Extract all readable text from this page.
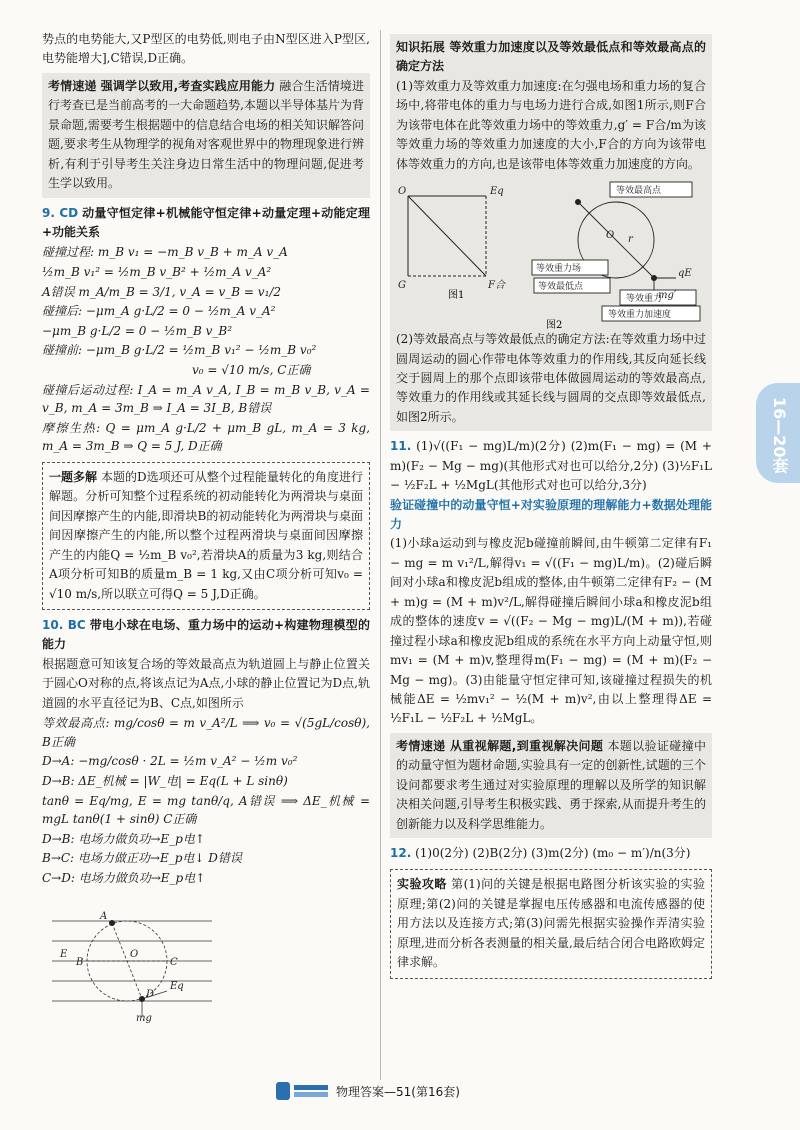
势点的电势能大,又P型区的电势低,则电子由N型区进入P型区,电势能增大],C错误,D正确。

考情速递 强调学以致用,考查实践应用能力 融合生活情境进行考查已是当前高考的一大命题趋势,本题以半导体基片为背景命题,需要考生根据题中的信息结合电场的相关知识解答问题,要求考生从物理学的视角对客观世界中的物理现象进行辨析,有利于引导考生关注身边日常生活中的物理问题,促进考生学以致用。

9. CD 动量守恒定律+机械能守恒定律+动量定理+动能定理+功能关系

碰撞过程: m_B v₁ = −m_B v_B + m_A v_A

½m_B v₁² = ½m_B v_B² + ½m_A v_A²

A错误 m_A/m_B = 3/1, v_A = v_B = v₁/2

碰撞后: −μm_A g·L/2 = 0 − ½m_A v_A²

−μm_B g·L/2 = 0 − ½m_B v_B²

碰撞前: −μm_B g·L/2 = ½m_B v₁² − ½m_B v₀²

v₀ = √10 m/s, C正确

碰撞后运动过程: I_A = m_A v_A, I_B = m_B v_B, v_A = v_B, m_A = 3m_B ⇒ I_A = 3I_B, B错误

摩擦生热: Q = μm_A g·L/2 + μm_B gL, m_A = 3 kg, m_A = 3m_B ⇒ Q = 5 J, D正确

一题多解 本题的D选项还可从整个过程能量转化的角度进行解题。分析可知整个过程系统的初动能转化为两滑块与桌面间因摩擦产生的内能,即滑块B的初动能转化为两滑块与桌面间因摩擦产生的内能,所以整个过程两滑块与桌面间因摩擦产生的内能Q = ½m_B v₀²,若滑块A的质量为3 kg,则结合A项分析可知B的质量m_B = 1 kg,又由C项分析可知v₀ = √10 m/s,所以联立可得Q = 5 J,D正确。

10. BC 带电小球在电场、重力场中的运动+构建物理模型的能力

根据题意可知该复合场的等效最高点为轨道圆上与静止位置关于圆心O对称的点,将该点记为A点,小球的静止位置记为D点,轨道圆的水平直径记为B、C点,如图所示

等效最高点: mg/cosθ = m v_A²/L ⟹ v₀ = √(5gL/cosθ), B正确

D→A: −mg/cosθ · 2L = ½m v_A² − ½m v₀²

D→B: ΔE_机械 = |W_电| = Eq(L + L sinθ)

tanθ = Eq/mg, E = mg tanθ/q, A错误 ⟹ ΔE_机械 = mgL tanθ(1 + sinθ) C正确

D→B: 电场力做负功→E_p电↑

B→C: 电场力做正功→E_p电↓ D错误

C→D: 电场力做负功→E_p电↑

A
O
B	C
D
E
Eq
mg

知识拓展 等效重力加速度以及等效最低点和等效最高点的确定方法

(1)等效重力及等效重力加速度:在匀强电场和重力场的复合场中,将带电体的重力与电场力进行合成,如图1所示,则F合为该带电体在此等效重力场中的等效重力,g′ = F合/m为该等效重力场的等效重力加速度的大小,F合的方向为该带电体等效重力的方向,也是该带电体等效重力加速度的方向。

O	Eq
G	F合
图1
等效最高点
等效重力场
等效最低点
等效重力
等效重力加速度
O r
qE
mg′
图2

(2)等效最高点与等效最低点的确定方法:在等效重力场中过圆周运动的圆心作带电体等效重力的作用线,其反向延长线交于圆周上的那个点即该带电体做圆周运动的等效最高点,等效重力的作用线或其延长线与圆周的交点即等效最低点,如图2所示。

11. (1)√((F₁ − mg)L/m)(2分) (2)m(F₁ − mg) = (M + m)(F₂ − Mg − mg)(其他形式对也可以给分,2分) (3)½F₁L − ½F₂L + ½MgL(其他形式对也可以给分,3分)

验证碰撞中的动量守恒+对实验原理的理解能力+数据处理能力

(1)小球a运动到与橡皮泥b碰撞前瞬间,由牛顿第二定律有F₁ − mg = m v₁²/L,解得v₁ = √((F₁ − mg)L/m)。(2)碰后瞬间对小球a和橡皮泥b组成的整体,由牛顿第二定律有F₂ − (M + m)g = (M + m)v²/L,解得碰撞后瞬间小球a和橡皮泥b组成的整体的速度v = √((F₂ − Mg − mg)L/(M + m)),若碰撞过程小球a和橡皮泥b组成的系统在水平方向上动量守恒,则mv₁ = (M + m)v,整理得m(F₁ − mg) = (M + m)(F₂ − Mg − mg)。(3)由能量守恒定律可知,该碰撞过程损失的机械能ΔE = ½mv₁² − ½(M + m)v²,由以上整理得ΔE = ½F₁L − ½F₂L + ½MgL。

考情速递 从重视解题,到重视解决问题 本题以验证碰撞中的动量守恒为题材命题,实验具有一定的创新性,试题的三个设问都要求考生通过对实验原理的理解以及所学的知识解决相关问题,引导考生积极实践、勇于探索,从而提升考生的创新能力以及科学思维能力。

12. (1)0(2分) (2)B(2分) (3)m(2分) (m₀ − m′)/n(3分)

实验攻略 第(1)问的关键是根据电路图分析该实验的实验原理;第(2)问的关键是掌握电压传感器和电流传感器的使用方法以及连接方式;第(3)问需先根据实验操作弄清实验原理,进而分析各表测量的相关量,最后结合闭合电路欧姆定律求解。

16—20套
物理答案—51(第16套)
